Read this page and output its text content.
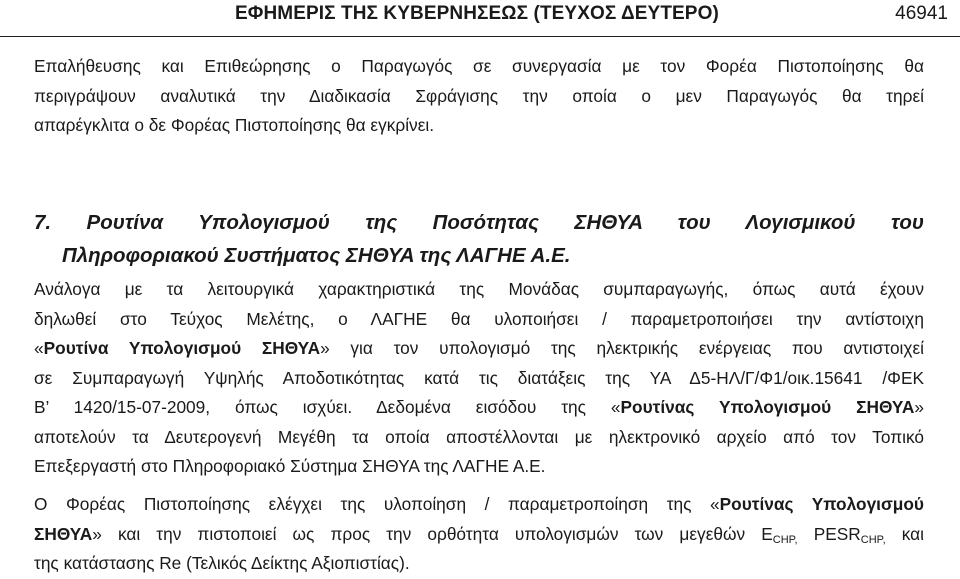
ΕΦΗΜΕΡΙΣ ΤΗΣ ΚΥΒΕΡΝΗΣΕΩΣ (ΤΕΥΧΟΣ ΔΕΥΤΕΡΟ)	46941
Επαλήθευσης και Επιθεώρησης ο Παραγωγός σε συνεργασία με τον Φορέα Πιστοποίησης θα
περιγράψουν αναλυτικά την Διαδικασία Σφράγισης την οποία ο μεν Παραγωγός θα τηρεί
απαρέγκλιτα ο δε Φορέας Πιστοποίησης θα εγκρίνει.
7. Ρουτίνα Υπολογισμού της Ποσότητας ΣΗΘΥΑ του Λογισμικού του
Πληροφοριακού Συστήματος ΣΗΘΥΑ της ΛΑΓΗΕ Α.Ε.
Ανάλογα με τα λειτουργικά χαρακτηριστικά της Μονάδας συμπαραγωγής, όπως αυτά έχουν
δηλωθεί στο Τεύχος Μελέτης, ο ΛΑΓΗΕ θα υλοποιήσει / παραμετροποιήσει την αντίστοιχη
«Ρουτίνα Υπολογισμού ΣΗΘΥΑ» για τον υπολογισμό της ηλεκτρικής ενέργειας που αντιστοιχεί
σε Συμπαραγωγή Υψηλής Αποδοτικότητας κατά τις διατάξεις της ΥΑ Δ5-ΗΛ/Γ/Φ1/οικ.15641 /ΦΕΚ
Β’ 1420/15-07-2009, όπως ισχύει. Δεδομένα εισόδου της «Ρουτίνας Υπολογισμού ΣΗΘΥΑ»
αποτελούν τα Δευτερογενή Μεγέθη τα οποία αποστέλλονται με ηλεκτρονικό αρχείο από τον Τοπικό
Επεξεργαστή στο Πληροφοριακό Σύστημα ΣΗΘΥΑ της ΛΑΓΗΕ Α.Ε.
Ο Φορέας Πιστοποίησης ελέγχει της υλοποίηση / παραμετροποίηση της «Ρουτίνας Υπολογισμού
ΣΗΘΥΑ» και την πιστοποιεί ως προς την ορθότητα υπολογισμών των μεγεθών $E_{CHP,}$ $PESR_{CHP,}$ και
της κατάστασης Re (Τελικός Δείκτης Αξιοπιστίας).
